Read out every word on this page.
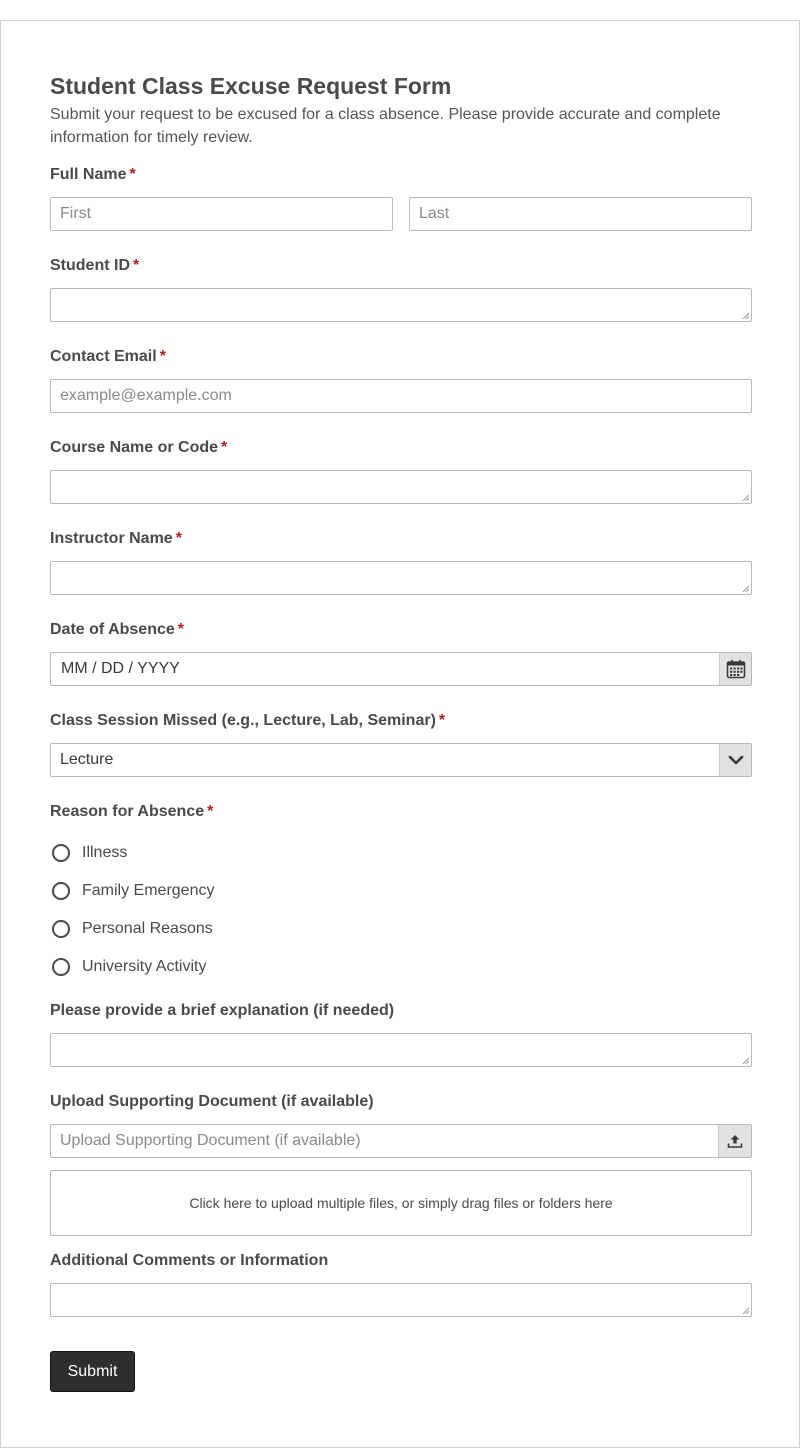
Student Class Excuse Request Form

Submit your request to be excused for a class absence. Please provide accurate and complete information for timely review.

Full Name *
First	Last
Student ID *
Contact Email *
example@example.com
Course Name or Code *
Instructor Name *
Date of Absence *
MM / DD / YYYY
Class Session Missed (e.g., Lecture, Lab, Seminar) *
Lecture
Reason for Absence *
Illness
Family Emergency
Personal Reasons
University Activity
Please provide a brief explanation (if needed)
Upload Supporting Document (if available)
Upload Supporting Document (if available)
Click here to upload multiple files, or simply drag files or folders here
Additional Comments or Information
Submit
